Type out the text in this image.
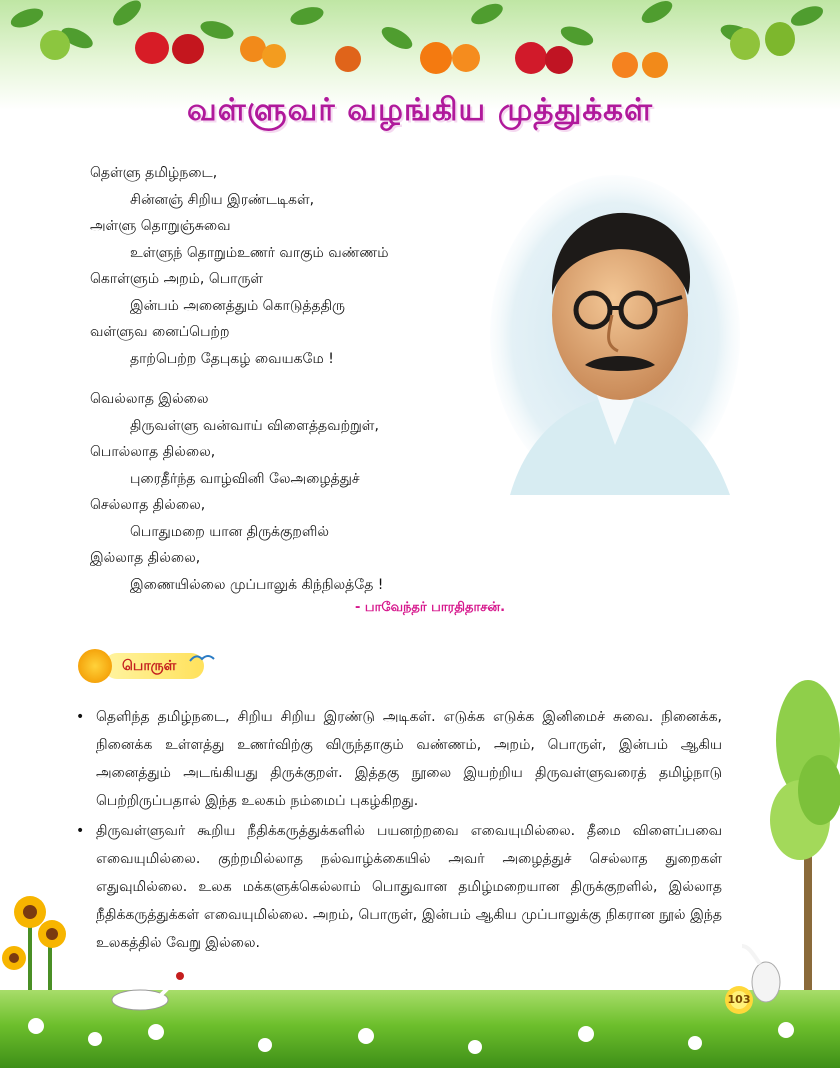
வள்ளுவர் வழங்கிய முத்துக்கள்
தெள்ளு தமிழ்நடை,
சின்னஞ் சிறிய இரண்டடிகள்,
அள்ளு தொறுஞ்சுவை
உள்ளுந் தொறும்உணர் வாகும் வண்ணம்
கொள்ளும் அறம், பொருள்
இன்பம் அனைத்தும் கொடுத்ததிரு
வள்ளுவ னைப்பெற்ற
தாற்பெற்ற தேபுகழ் வையகமே !
வெல்லாத இல்லை
திருவள்ளு வன்வாய் விளைத்தவற்றுள்,
பொல்லாத தில்லை,
புரைதீர்ந்த வாழ்வினி லேஅழைத்துச்
செல்லாத தில்லை,
பொதுமறை யான திருக்குறளில்
இல்லாத தில்லை,
இணையில்லை முப்பாலுக் கிந்நிலத்தே !
- பாவேந்தர் பாரதிதாசன்.
பொருள்
• தெளிந்த தமிழ்நடை, சிறிய சிறிய இரண்டு அடிகள். எடுக்க எடுக்க இனிமைச் சுவை. நினைக்க, நினைக்க உள்ளத்து உணர்விற்கு விருந்தாகும் வண்ணம், அறம், பொருள், இன்பம் ஆகிய அனைத்தும் அடங்கியது திருக்குறள். இத்தகு நூலை இயற்றிய திருவள்ளுவரைத் தமிழ்நாடு பெற்றிருப்பதால் இந்த உலகம் நம்மைப் புகழ்கிறது.
• திருவள்ளுவர் கூறிய நீதிக்கருத்துக்களில் பயனற்றவை எவையுமில்லை. தீமை விளைப்பவை எவையுமில்லை. குற்றமில்லாத நல்வாழ்க்கையில் அவர் அழைத்துச் செல்லாத துறைகள் எதுவுமில்லை. உலக மக்களுக்கெல்லாம் பொதுவான தமிழ்மறையான திருக்குறளில், இல்லாத நீதிக்கருத்துக்கள் எவையுமில்லை. அறம், பொருள், இன்பம் ஆகிய முப்பாலுக்கு நிகரான நூல் இந்த உலகத்தில் வேறு இல்லை.
103
